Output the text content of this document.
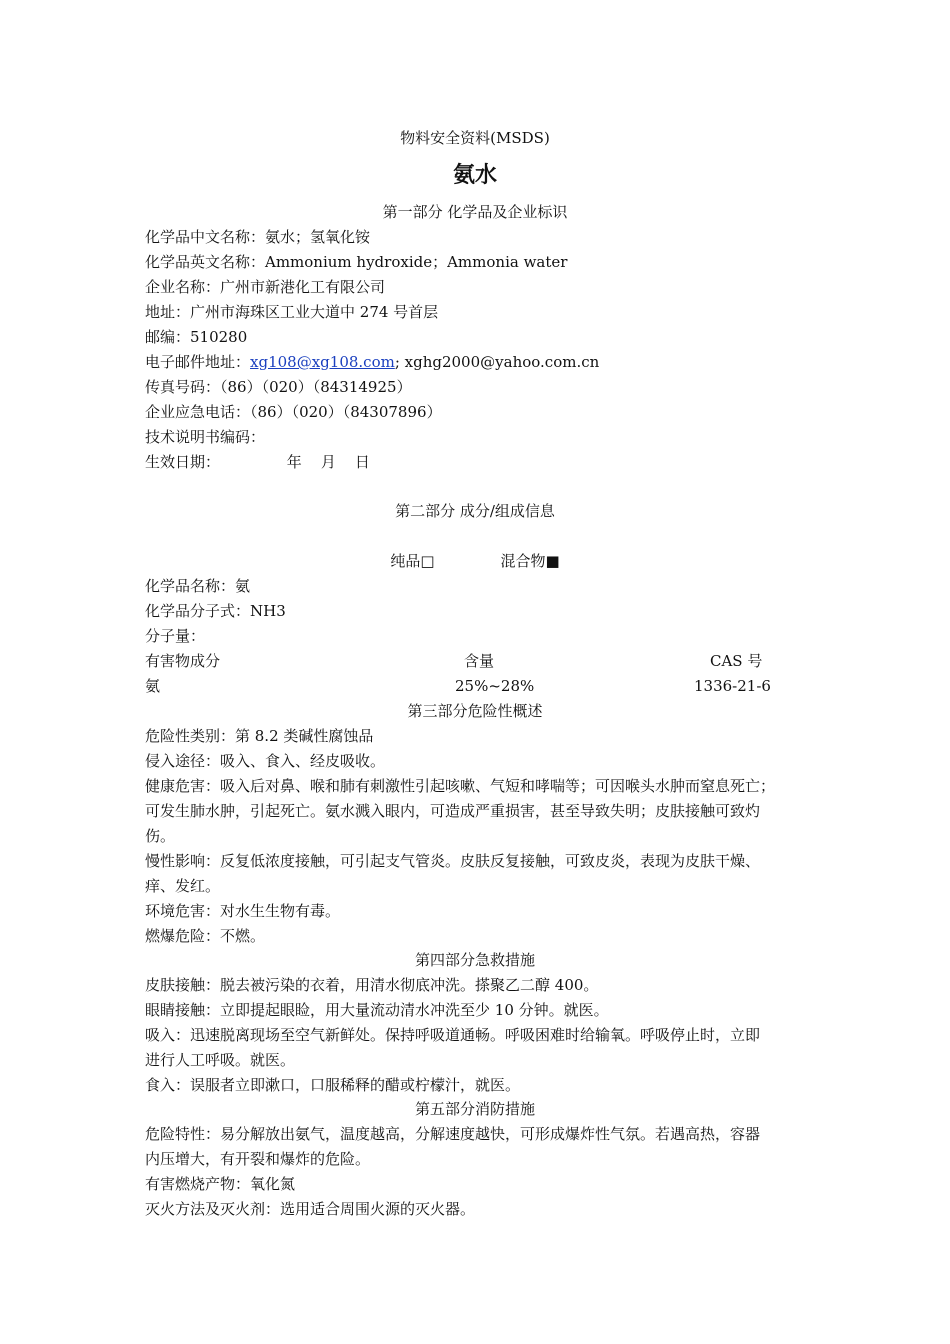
物料安全资料(MSDS)
氨水
第一部分 化学品及企业标识
化学品中文名称：氨水；氢氧化铵
化学品英文名称：Ammonium hydroxide；Ammonia water
企业名称：广州市新港化工有限公司
地址：广州市海珠区工业大道中 274 号首层
邮编：510280
电子邮件地址：xg108@xg108.com; xghg2000@yahoo.com.cn
传真号码：（86）（020）（84314925）
企业应急电话：（86）（020）（84307896）
技术说明书编码：
生效日期：              年    月    日
第二部分 成分/组成信息
纯品□	混合物■
化学品名称：氨
化学品分子式：NH3
分子量：
有害物成分	含量	CAS 号
氨	25%~28%	1336-21-6
第三部分危险性概述
危险性类别：第 8.2 类碱性腐蚀品
侵入途径：吸入、食入、经皮吸收。
健康危害：吸入后对鼻、喉和肺有刺激性引起咳嗽、气短和哮喘等；可因喉头水肿而窒息死亡；
可发生肺水肿，引起死亡。氨水溅入眼内，可造成严重损害，甚至导致失明；皮肤接触可致灼
伤。
慢性影响：反复低浓度接触，可引起支气管炎。皮肤反复接触，可致皮炎，表现为皮肤干燥、
痒、发红。
环境危害：对水生生物有毒。
燃爆危险：不燃。
第四部分急救措施
皮肤接触：脱去被污染的衣着，用清水彻底冲洗。搽聚乙二醇 400。
眼睛接触：立即提起眼睑，用大量流动清水冲洗至少 10 分钟。就医。
吸入：迅速脱离现场至空气新鲜处。保持呼吸道通畅。呼吸困难时给输氧。呼吸停止时，立即
进行人工呼吸。就医。
食入：误服者立即漱口，口服稀释的醋或柠檬汁，就医。
第五部分消防措施
危险特性：易分解放出氨气，温度越高，分解速度越快，可形成爆炸性气氛。若遇高热，容器
内压增大，有开裂和爆炸的危险。
有害燃烧产物：氧化氮
灭火方法及灭火剂：选用适合周围火源的灭火器。
